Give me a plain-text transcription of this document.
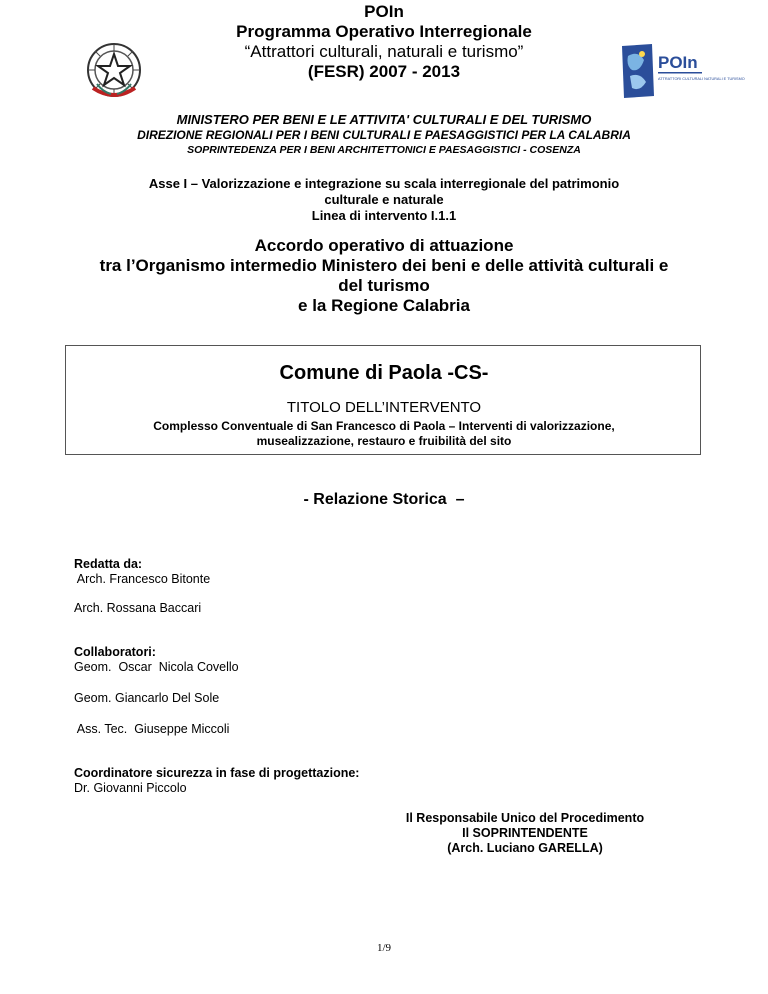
POIn
ATTRATTORI CULTURALI NATURALI E TURISMO
POIn
Programma Operativo Interregionale
“Attrattori culturali, naturali e turismo”
(FESR) 2007 - 2013
MINISTERO PER BENI E LE ATTIVITA' CULTURALI E DEL TURISMO
DIREZIONE REGIONALI PER I BENI CULTURALI E PAESAGGISTICI PER LA CALABRIA
SOPRINTEDENZA PER I BENI ARCHITETTONICI E PAESAGGISTICI - COSENZA
Asse I – Valorizzazione e integrazione su scala interregionale del patrimonio
culturale e naturale
Linea di intervento I.1.1
Accordo operativo di attuazione
tra l’Organismo intermedio Ministero dei beni e delle attività culturali e
del turismo
e la Regione Calabria
Comune di Paola -CS-
TITOLO DELL’INTERVENTO
Complesso Conventuale di San Francesco di Paola – Interventi di valorizzazione,
musealizzazione, restauro e fruibilità del sito
- Relazione Storica  –
Redatta da:
Arch. Francesco Bitonte
Arch. Rossana Baccari
Collaboratori:
Geom.  Oscar  Nicola Covello
Geom. Giancarlo Del Sole
Ass. Tec.  Giuseppe Miccoli
Coordinatore sicurezza in fase di progettazione:
Dr. Giovanni Piccolo
Il Responsabile Unico del Procedimento
Il SOPRINTENDENTE
(Arch. Luciano GARELLA)
1/9
